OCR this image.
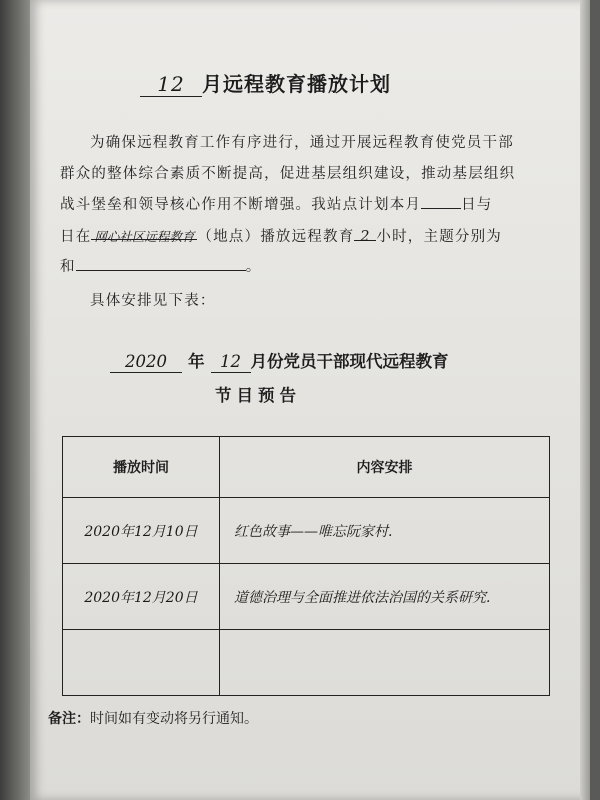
12 月远程教育播放计划
为确保远程教育工作有序进行，通过开展远程教育使党员干部
群众的整体综合素质不断提高，促进基层组织建设，推动基层组织
战斗堡垒和领导核心作用不断增强。我站点计划本月	日与
日在 网心社区远程教育 （地点）播放远程教育 2 小时，主题分别为
和	。
具体安排见下表：
2020 年 12 月份党员干部现代远程教育
节目预告
播放时间	内容安排
2020年12月10日	红色故事——唯忘阮家村.
2020年12月20日	道德治理与全面推进依法治国的关系研究.

备注：时间如有变动将另行通知。
